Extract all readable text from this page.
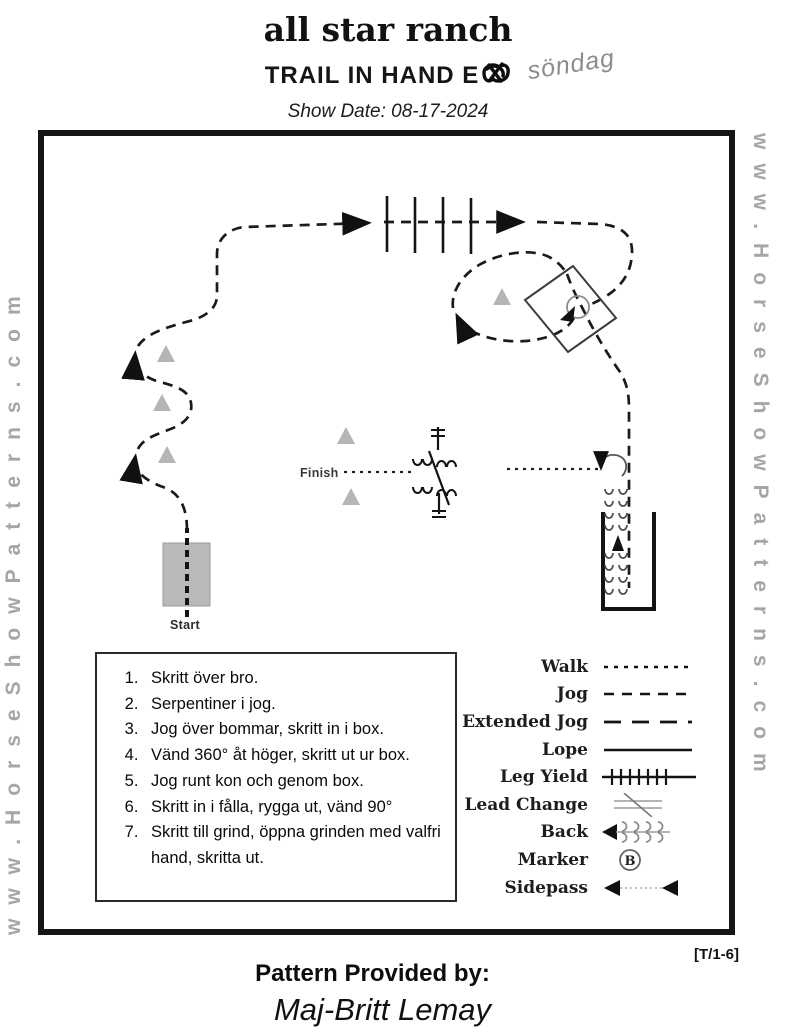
www.HorseShowPatterns.com	www.HorseShowPatterns.com
all star ranch
TRAIL IN HAND E	söndag
Show Date: 08-17-2024
Start
Finish
1. Skritt över bro.
2. Serpentiner i jog.
3. Jog över bommar, skritt in i box.
4. Vänd 360° åt höger, skritt ut ur box.
5. Jog runt kon och genom box.
6. Skritt in i fålla, rygga ut, vänd 90°
7. Skritt till grind, öppna grinden med valfri hand, skritta ut.
Walk
Jog
Extended Jog
Lope
Leg Yield
Lead Change
Back
Marker	B
Sidepass
[T/1-6]
Pattern Provided by:
Maj-Britt Lemay
